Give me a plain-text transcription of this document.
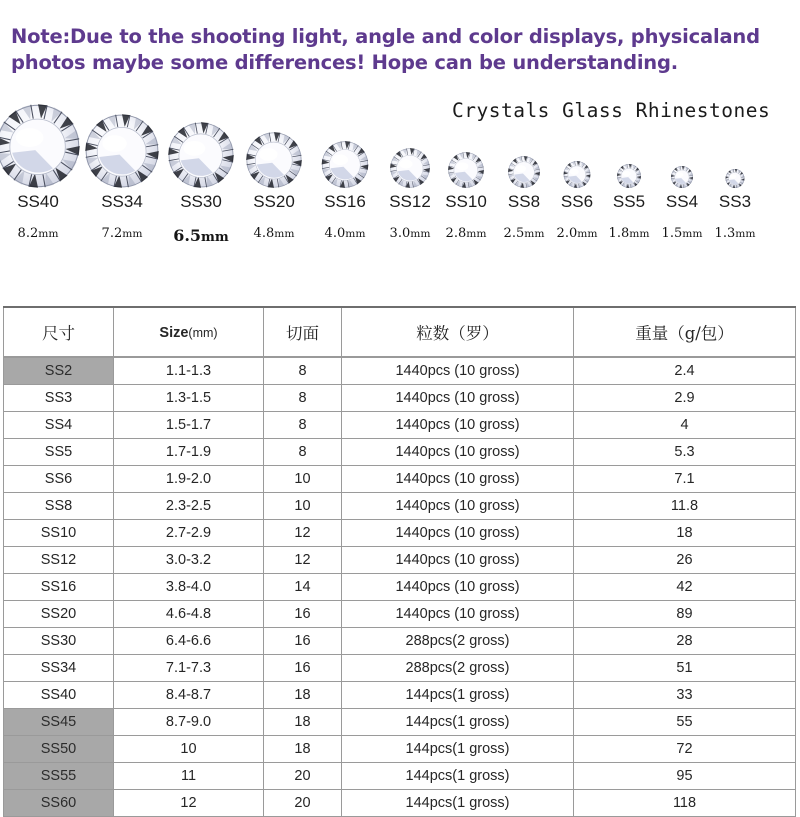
Note:Due to the shooting light, angle and color displays, physicaland
photos maybe some differences! Hope can be understanding.
Crystals Glass Rhinestones
SS40
8.2mm
SS34
7.2mm
SS30
6.5mm
SS20
4.8mm
SS16
4.0mm
SS12
3.0mm
SS10
2.8mm
SS8
2.5mm
SS6
2.0mm
SS5
1.8mm
SS4
1.5mm
SS3
1.3mm
尺寸	Size(mm)	切面	粒数（罗）	重量（g/包）
SS2	1.1-1.3	8	1440pcs (10 gross)	2.4
SS3	1.3-1.5	8	1440pcs (10 gross)	2.9
SS4	1.5-1.7	8	1440pcs (10 gross)	4
SS5	1.7-1.9	8	1440pcs (10 gross)	5.3
SS6	1.9-2.0	10	1440pcs (10 gross)	7.1
SS8	2.3-2.5	10	1440pcs (10 gross)	11.8
SS10	2.7-2.9	12	1440pcs (10 gross)	18
SS12	3.0-3.2	12	1440pcs (10 gross)	26
SS16	3.8-4.0	14	1440pcs (10 gross)	42
SS20	4.6-4.8	16	1440pcs (10 gross)	89
SS30	6.4-6.6	16	288pcs(2 gross)	28
SS34	7.1-7.3	16	288pcs(2 gross)	51
SS40	8.4-8.7	18	144pcs(1 gross)	33
SS45	8.7-9.0	18	144pcs(1 gross)	55
SS50	10	18	144pcs(1 gross)	72
SS55	11	20	144pcs(1 gross)	95
SS60	12	20	144pcs(1 gross)	118
